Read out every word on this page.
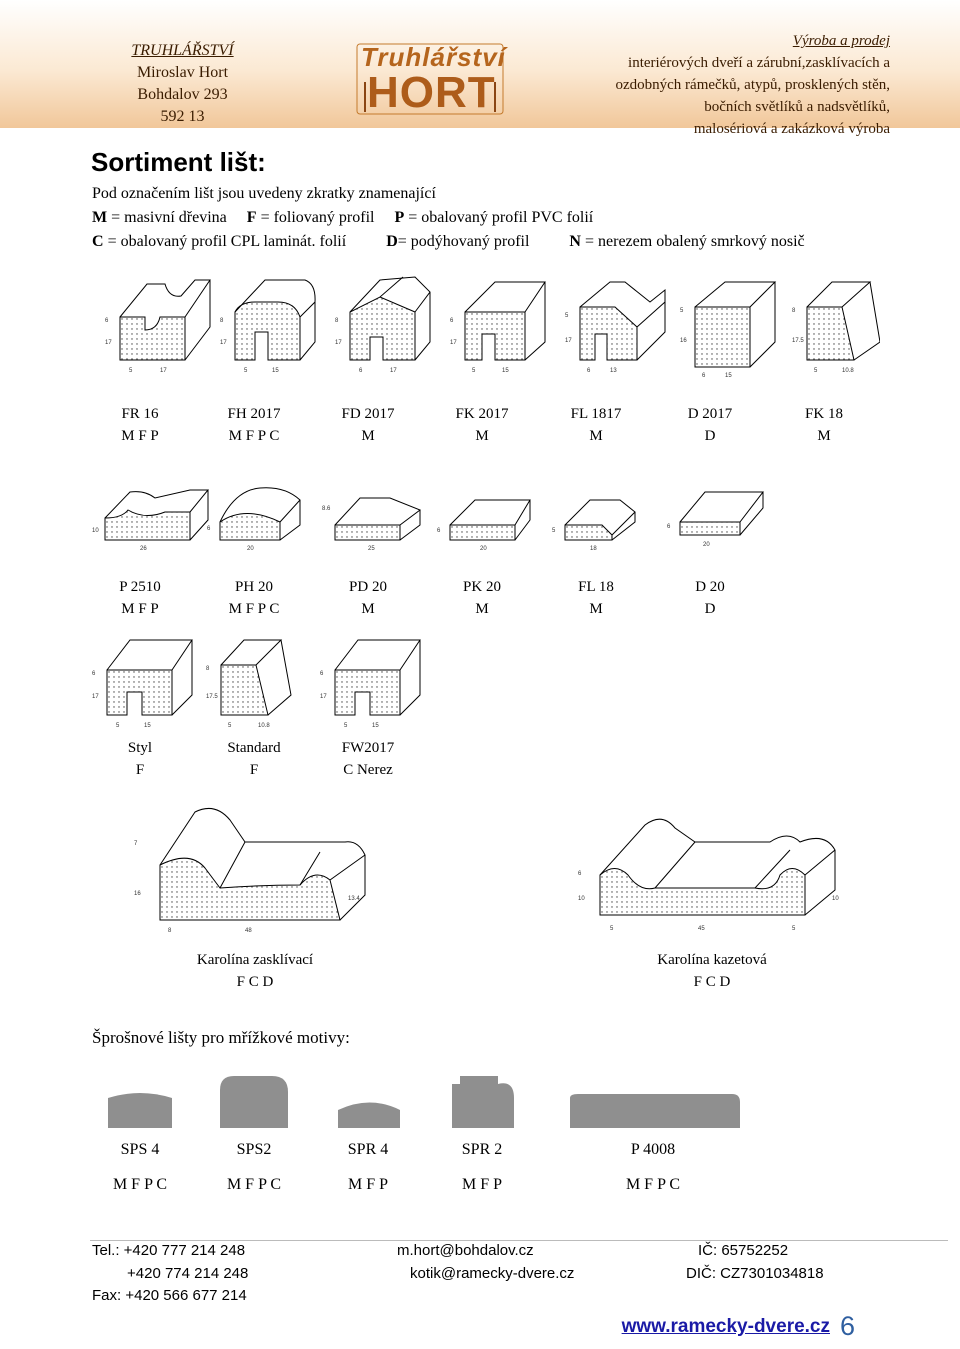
TRUHLÁŘSTVÍ
Miroslav Hort
Bohdalov 293
592 13
Truhlářství
HORT
Výroba a prodej
interiérových dveří a zárubní,zasklívacích a
ozdobných rámečků, atypů, prosklených stěn,
bočních světlíků a nadsvětlíků,
malosériová a zakázková výroba
Sortiment lišt:
Pod označením lišt jsou uvedeny zkratky znamenající
M = masivní dřevina F = foliovaný profil P = obalovaný profil PVC folií
C = obalovaný profil CPL laminát. folií	D= podýhovaný profil	N = nerezem obalený smrkový nosič
6
17
5	17
8
17
5	15
8
17
6	17
6
17
5	15
5
17
6	13
5
16
6	15
8
17.5
5	10.8
FR 16
M F P
FH 2017
M F P C
FD 2017
M
FK 2017
M
FL 1817
M
D 2017
D
FK 18
M
10
26
6
20
8.6
25
6
20
5
18
6
20
P 2510
M F P
PH 20
M F P C
PD 20
M
PK 20
M
FL 18
M
D 20
D
6
17
5	15
8
17.5
5	10.8
6
17
5	15
Styl
F
Standard
F
FW2017
C Nerez
7
16
13.4
8	48
10
6
10
5	45	5
Karolína zasklívací
F C D
Karolína kazetová
F C D
Šprošnové lišty pro mřížkové motivy:
SPS 4
M F P C
SPS2
M F P C
SPR 4
M F P
SPR 2
M F P
P 4008
M F P C
Tel.: +420 777 214 248
+420 774 214 248
Fax: +420 566 677 214
m.hort@bohdalov.cz
kotik@ramecky-dvere.cz
IČ: 65752252
DIČ: CZ7301034818
www.ramecky-dvere.cz 6
